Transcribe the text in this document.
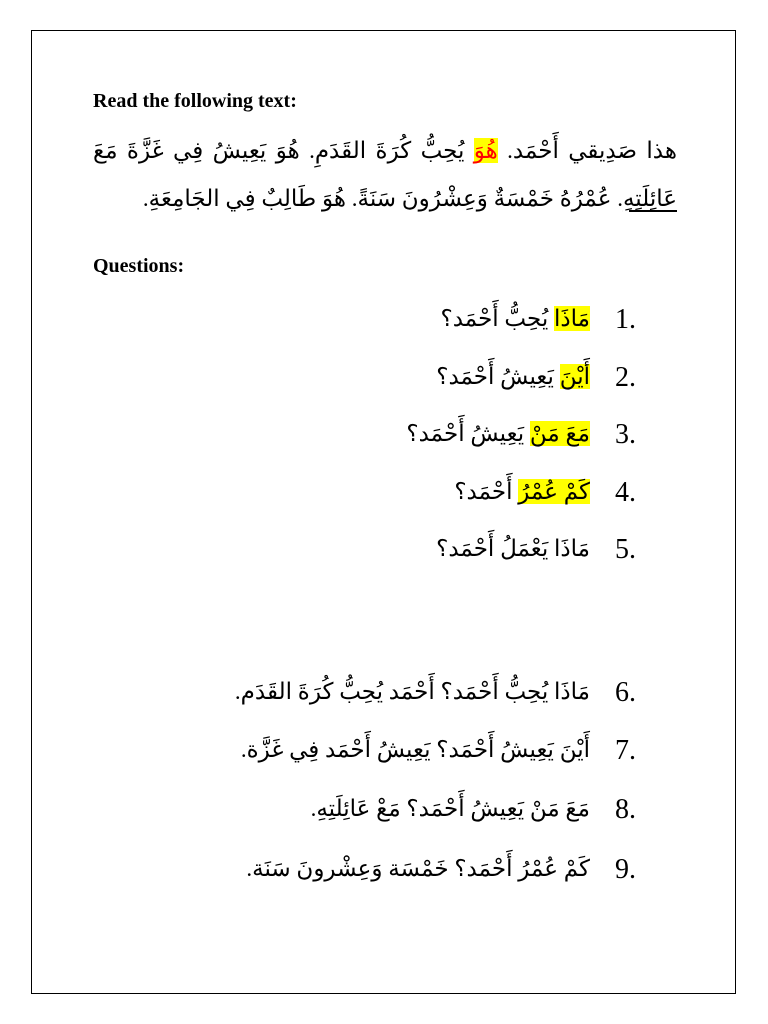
Read the following text:
هذا صَدِيقي أَحْمَد. هُوَ يُحِبُّ كُرَةَ القَدَمِ. هُوَ يَعِيشُ فِي غَزَّةَ مَعَ
عَائِلَتِهِ. عُمْرُهُ خَمْسَةٌ وَعِشْرُونَ سَنَةً. هُوَ طَالِبٌ فِي الجَامِعَةِ.
Questions:
مَاذَا يُحِبُّ أَحْمَد؟	1.
أَيْنَ يَعِيشُ أَحْمَد؟	2.
مَعَ مَنْ يَعِيشُ أَحْمَد؟	3.
كَمْ عُمْرُ أَحْمَد؟	4.
مَاذَا يَعْمَلُ أَحْمَد؟ 5.
مَاذَا يُحِبُّ أَحْمَد؟ أَحْمَد يُحِبُّ كُرَةَ القَدَم. 6.
أَيْنَ يَعِيشُ أَحْمَد؟ يَعِيشُ أَحْمَد فِي غَزَّة. 7.
مَعَ مَنْ يَعِيشُ أَحْمَد؟ مَعْ عَائِلَتِهِ. 8.
كَمْ عُمْرُ أَحْمَد؟ خَمْسَة وَعِشْرونَ سَنَة. 9.
